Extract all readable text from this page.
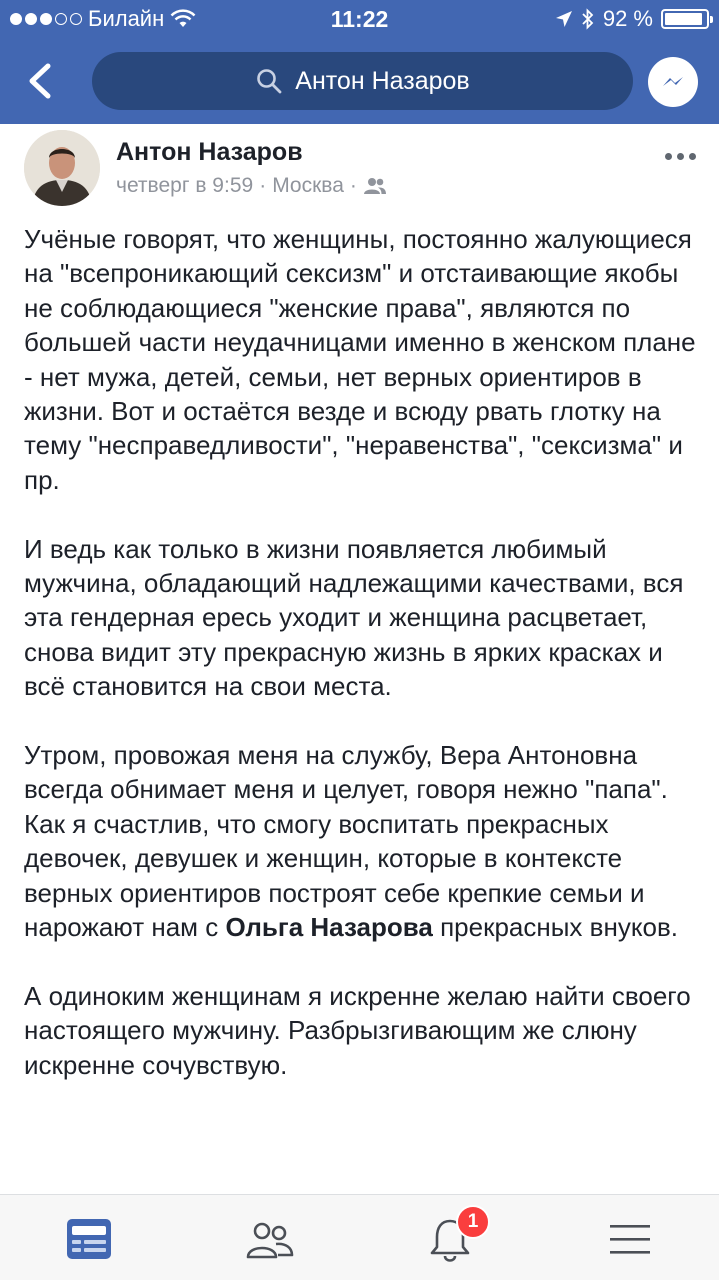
Билайн	11:22	92 %
Антон Назаров
Антон Назаров
четверг в 9:59 · Москва ·

Учёные говорят, что женщины, постоянно жалующиеся на "всепроникающий сексизм" и отстаивающие якобы не соблюдающиеся "женские права", являются по большей части неудачницами именно в женском плане - нет мужа, детей, семьи, нет верных ориентиров в жизни. Вот и остаётся везде и всюду рвать глотку на тему "несправедливости", "неравенства", "сексизма" и пр.

И ведь как только в жизни появляется любимый мужчина, обладающий надлежащими качествами, вся эта гендерная ересь уходит и женщина расцветает, снова видит эту прекрасную жизнь в ярких красках и всё становится на свои места.

Утром, провожая меня на службу, Вера Антоновна всегда обнимает меня и целует, говоря нежно "папа". Как я счастлив, что смогу воспитать прекрасных девочек, девушек и женщин, которые в контексте верных ориентиров построят себе крепкие семьи и нарожают нам с Ольга Назарова прекрасных внуков.

А одиноким женщинам я искренне желаю найти своего настоящего мужчину. Разбрызгивающим же слюну искренне сочувствую.

1
